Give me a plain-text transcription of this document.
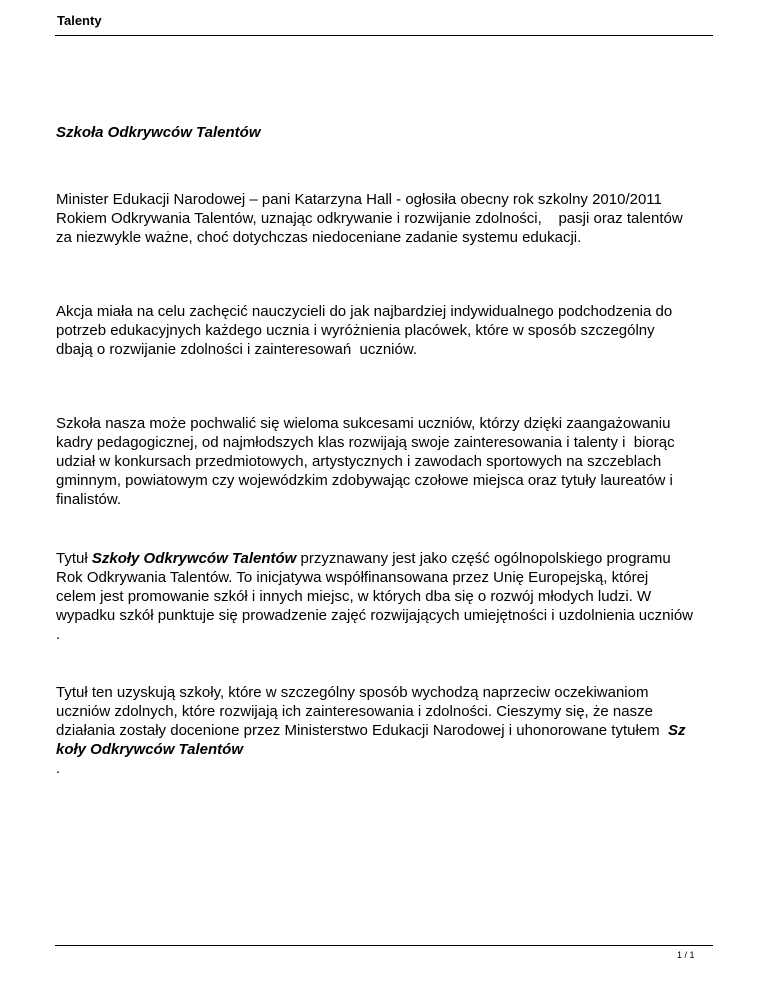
Talenty
Szkoła Odkrywców Talentów
Minister Edukacji Narodowej – pani Katarzyna Hall - ogłosiła obecny rok szkolny 2010/2011
Rokiem Odkrywania Talentów, uznając odkrywanie i rozwijanie zdolności,    pasji oraz talentów
za niezwykle ważne, choć dotychczas niedoceniane zadanie systemu edukacji.
Akcja miała na celu zachęcić nauczycieli do jak najbardziej indywidualnego podchodzenia do
potrzeb edukacyjnych każdego ucznia i wyróżnienia placówek, które w sposób szczególny
dbają o rozwijanie zdolności i zainteresowań  uczniów.
Szkoła nasza może pochwalić się wieloma sukcesami uczniów, którzy dzięki zaangażowaniu
kadry pedagogicznej, od najmłodszych klas rozwijają swoje zainteresowania i talenty i  biorąc
udział w konkursach przedmiotowych, artystycznych i zawodach sportowych na szczeblach
gminnym, powiatowym czy wojewódzkim zdobywając czołowe miejsca oraz tytuły laureatów i
finalistów.
Tytuł Szkoły Odkrywców Talentów przyznawany jest jako część ogólnopolskiego programu
Rok Odkrywania Talentów. To inicjatywa współfinansowana przez Unię Europejską, której
celem jest promowanie szkół i innych miejsc, w których dba się o rozwój młodych ludzi. W
wypadku szkół punktuje się prowadzenie zajęć rozwijających umiejętności i uzdolnienia uczniów
.
Tytuł ten uzyskują szkoły, które w szczególny sposób wychodzą naprzeciw oczekiwaniom
uczniów zdolnych, które rozwijają ich zainteresowania i zdolności. Cieszymy się, że nasze
działania zostały docenione przez Ministerstwo Edukacji Narodowej i uhonorowane tytułem  Sz
koły Odkrywców Talentów
.
1 / 1
